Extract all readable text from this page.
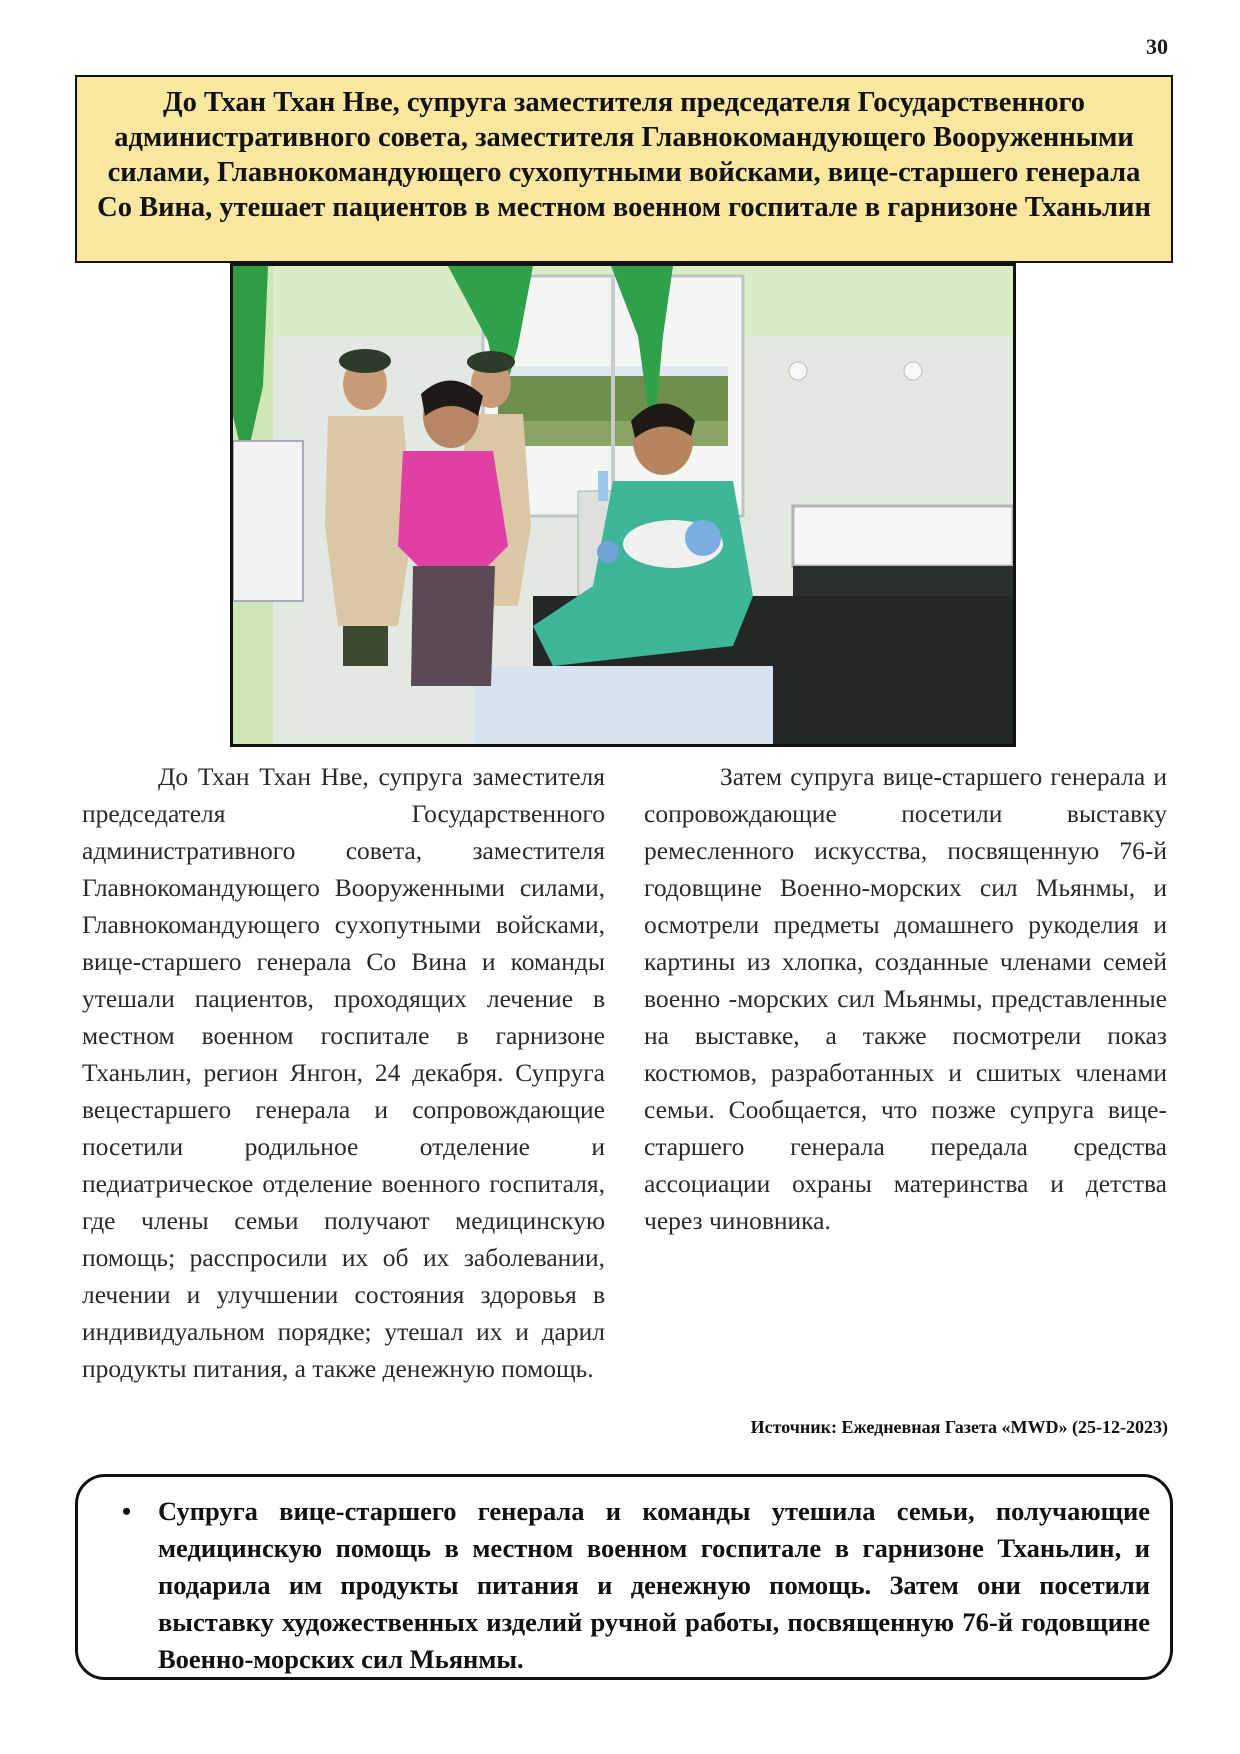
30
До Тхан Тхан Нве, супруга заместителя председателя Государственного административного совета, заместителя Главнокомандующего Вооруженными силами, Главнокомандующего сухопутными войсками, вице-старшего генерала Со Вина, утешает пациентов в местном военном госпитале в гарнизоне Тханьлин

До Тхан Тхан Нве, супруга заместителя председателя Государственного административного совета, заместителя Главнокомандующего Вооруженными силами, Главнокомандующего сухопутными войсками, вице-старшего генерала Со Вина и команды утешали пациентов, проходящих лечение в местном военном госпитале в гарнизоне Тханьлин, регион Янгон, 24 декабря. Супруга вецестаршего генерала и сопровождающие посетили родильное отделение и педиатрическое отделение военного госпиталя, где члены семьи получают медицинскую помощь; расспросили их об их заболевании, лечении и улучшении состояния здоровья в индивидуальном порядке; утешал их и дарил продукты питания, а также денежную помощь.

Затем супруга вице-старшего генерала и сопровождающие посетили выставку ремесленного искусства, посвященную 76-й годовщине Военно-морских сил Мьянмы, и осмотрели предметы домашнего рукоделия и картины из хлопка, созданные членами семей военно -морских сил Мьянмы, представленные на выставке, а также посмотрели показ костюмов, разработанных и сшитых членами семьи. Сообщается, что позже супруга вице-старшего генерала передала средства ассоциации охраны материнства и детства через чиновника.

Источник: Ежедневная Газета «MWD» (25-12-2023)
• Супруга вице-старшего генерала и команды утешила семьи, получающие медицинскую помощь в местном военном госпитале в гарнизоне Тханьлин, и подарила им продукты питания и денежную помощь. Затем они посетили выставку художественных изделий ручной работы, посвященную 76-й годовщине Военно-морских сил Мьянмы.
